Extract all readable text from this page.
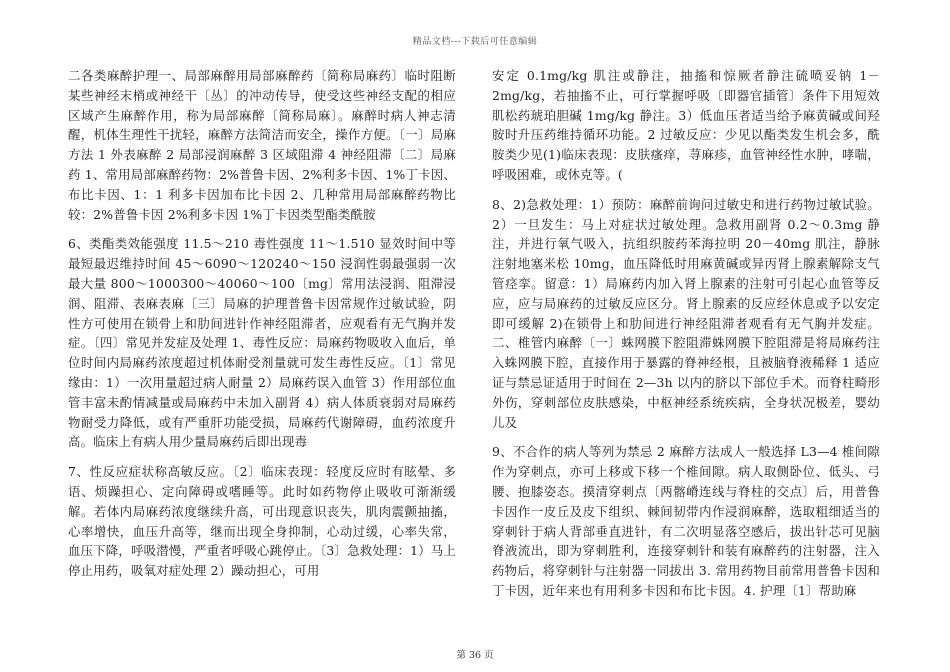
精品文档---下载后可任意编辑

二各类麻醉护理一、局部麻醉用局部麻醉药〔简称局麻药〕临时阻断某些神经末梢或神经干〔丛〕的冲动传导，使受这些神经支配的相应区域产生麻醉作用，称为局部麻醉〔简称局麻〕。麻醉时病人神志清醒，机体生理性干扰轻，麻醉方法简洁而安全，操作方便。〔一〕局麻方法 1 外表麻醉 2 局部浸润麻醉 3 区域阻滞 4 神经阻滞〔二〕局麻药 1、常用局部麻醉药物：2%普鲁卡因、2%利多卡因、1%丁卡因、布比卡因、1：1 利多卡因加布比卡因 2、几种常用局部麻醉药物比较：2%普鲁卡因 2%利多卡因 1%丁卡因类型酯类酰胺

6、类酯类效能强度 11.5～210 毒性强度 11～1.510 显效时间中等最短最迟维持时间 45～6090～120240～150 浸润性弱最强弱一次最大量 800～1000300～40060～100〔mg〕常用法浸润、阻滞浸润、阻滞、表麻表麻〔三〕局麻的护理普鲁卡因常规作过敏试验，阴性方可使用在锁骨上和肋间进针作神经阻滞者，应观看有无气胸并发症。〔四〕常见并发症及处理 1、毒性反应：局麻药物吸收入血后，单位时间内局麻药浓度超过机体耐受剂量就可发生毒性反应。〔1〕常见缘由：1）一次用量超过病人耐量 2）局麻药误入血管 3）作用部位血管丰富未酌情减量或局麻药中未加入副肾 4）病人体质衰弱对局麻药物耐受力降低，或有严重肝功能受损，局麻药代谢障碍，血药浓度升高。临床上有病人用少量局麻药后即出现毒

7、性反应症状称高敏反应。〔2〕临床表现：轻度反应时有眩晕、多语、烦躁担心、定向障碍或嗜睡等。此时如药物停止吸收可渐渐缓解。若体内局麻药浓度继续升高，可出现意识丧失，肌肉震颤抽搐，心率增快，血压升高等，继而出现全身抑制，心动过缓，心率失常，血压下降，呼吸潜慢，严重者呼吸心跳停止。〔3〕急救处理：1）马上停止用药，吸氧对症处理 2）躁动担心，可用

安定 0.1mg/kg 肌注或静注，抽搐和惊厥者静注硫喷妥钠 1－2mg/kg，若抽搐不止，可行掌握呼吸〔即器官插管〕条件下用短效肌松药琥珀胆碱 1mg/kg 静注。3）低血压者适当给予麻黄碱或间羟胺时升压药维持循环功能。2 过敏反应：少见以酯类发生机会多，酰胺类少见(1)临床表现：皮肤瘙痒，荨麻疹，血管神经性水肿，哮喘，呼吸困难，或休克等。(

8、2)急救处理：1）预防：麻醉前询问过敏史和进行药物过敏试验。2）一旦发生：马上对症状过敏处理。急救用副肾 0.2～0.3mg 静注，并进行氧气吸入，抗组织胺药苯海拉明 20－40mg 肌注，静脉注射地塞米松 10mg，血压降低时用麻黄碱或异丙肾上腺素解除支气管痉挛。留意：1）局麻药内加入肾上腺素的注射可引起心血管等反应，应与局麻药的过敏反应区分。肾上腺素的反应经休息或予以安定即可缓解 2)在锁骨上和肋间进行神经阻滞者观看有无气胸并发症。二、椎管内麻醉〔一〕蛛网膜下腔阻滞蛛网膜下腔阻滞是将局麻药注入蛛网膜下腔，直接作用于暴露的脊神经根，且被脑脊液稀释 1 适应证与禁忌证适用于时间在 2—3h 以内的脐以下部位手术。而脊柱畸形外伤，穿刺部位皮肤感染，中枢神经系统疾病，全身状况极差，婴幼儿及

9、不合作的病人等列为禁忌 2 麻醉方法成人一般选择 L3—4 椎间隙作为穿刺点，亦可上移或下移一个椎间隙。病人取侧卧位、低头、弓腰、抱膝姿态。摸清穿刺点〔两髂嵴连线与脊柱的交点〕后，用普鲁卡因作一皮丘及皮下组织、棘间韧带内作浸润麻醉，选取粗细适当的穿刺针于病人背部垂直进针，有二次明显落空感后，拔出针芯可见脑脊液流出，即为穿刺胜利，连接穿刺针和装有麻醉药的注射器，注入药物后，将穿刺针与注射器一同拔出 3. 常用药物目前常用普鲁卡因和丁卡因，近年来也有用利多卡因和布比卡因。4. 护理〔1〕帮助麻

第 36 页
